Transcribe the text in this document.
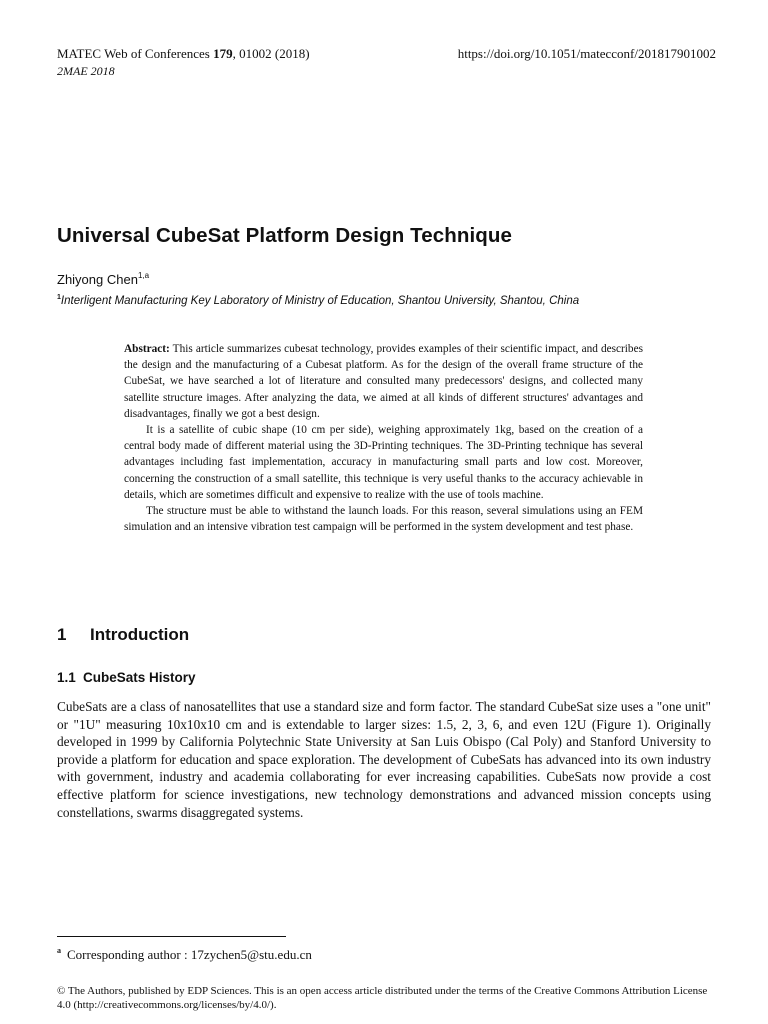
MATEC Web of Conferences 179, 01002 (2018)	https://doi.org/10.1051/matecconf/201817901002
2MAE 2018
Universal CubeSat Platform Design Technique
Zhiyong Chen$^{1,a}$
$^1$Interligent Manufacturing Key Laboratory of Ministry of Education, Shantou University, Shantou, China

Abstract: This article summarizes cubesat technology, provides examples of their scientific impact, and describes the design and the manufacturing of a Cubesat platform. As for the design of the overall frame structure of the CubeSat, we have searched a lot of literature and consulted many predecessors' designs, and collected many satellite structure images. After analyzing the data, we aimed at all kinds of different structures' advantages and disadvantages, finally we got a best design.

It is a satellite of cubic shape (10 cm per side), weighing approximately 1kg, based on the creation of a central body made of different material using the 3D-Printing techniques. The 3D-Printing technique has several advantages including fast implementation, accuracy in manufacturing small parts and low cost. Moreover, concerning the construction of a small satellite, this technique is very useful thanks to the accuracy achievable in details, which are sometimes difficult and expensive to realize with the use of tools machine.

The structure must be able to withstand the launch loads. For this reason, several simulations using an FEM simulation and an intensive vibration test campaign will be performed in the system development and test phase.

1 Introduction
1.1 CubeSats History

CubeSats are a class of nanosatellites that use a standard size and form factor. The standard CubeSat size uses a "one unit" or "1U" measuring 10x10x10 cm and is extendable to larger sizes: 1.5, 2, 3, 6, and even 12U (Figure 1). Originally developed in 1999 by California Polytechnic State University at San Luis Obispo (Cal Poly) and Stanford University to provide a platform for education and space exploration. The development of CubeSats has advanced into its own industry with government, industry and academia collaborating for ever increasing capabilities. CubeSats now provide a cost effective platform for science investigations, new technology demonstrations and advanced mission concepts using constellations, swarms disaggregated systems.

$^a$ Corresponding author : 17zychen5@stu.edu.cn
© The Authors, published by EDP Sciences. This is an open access article distributed under the terms of the Creative Commons Attribution License 4.0 (http://creativecommons.org/licenses/by/4.0/).
